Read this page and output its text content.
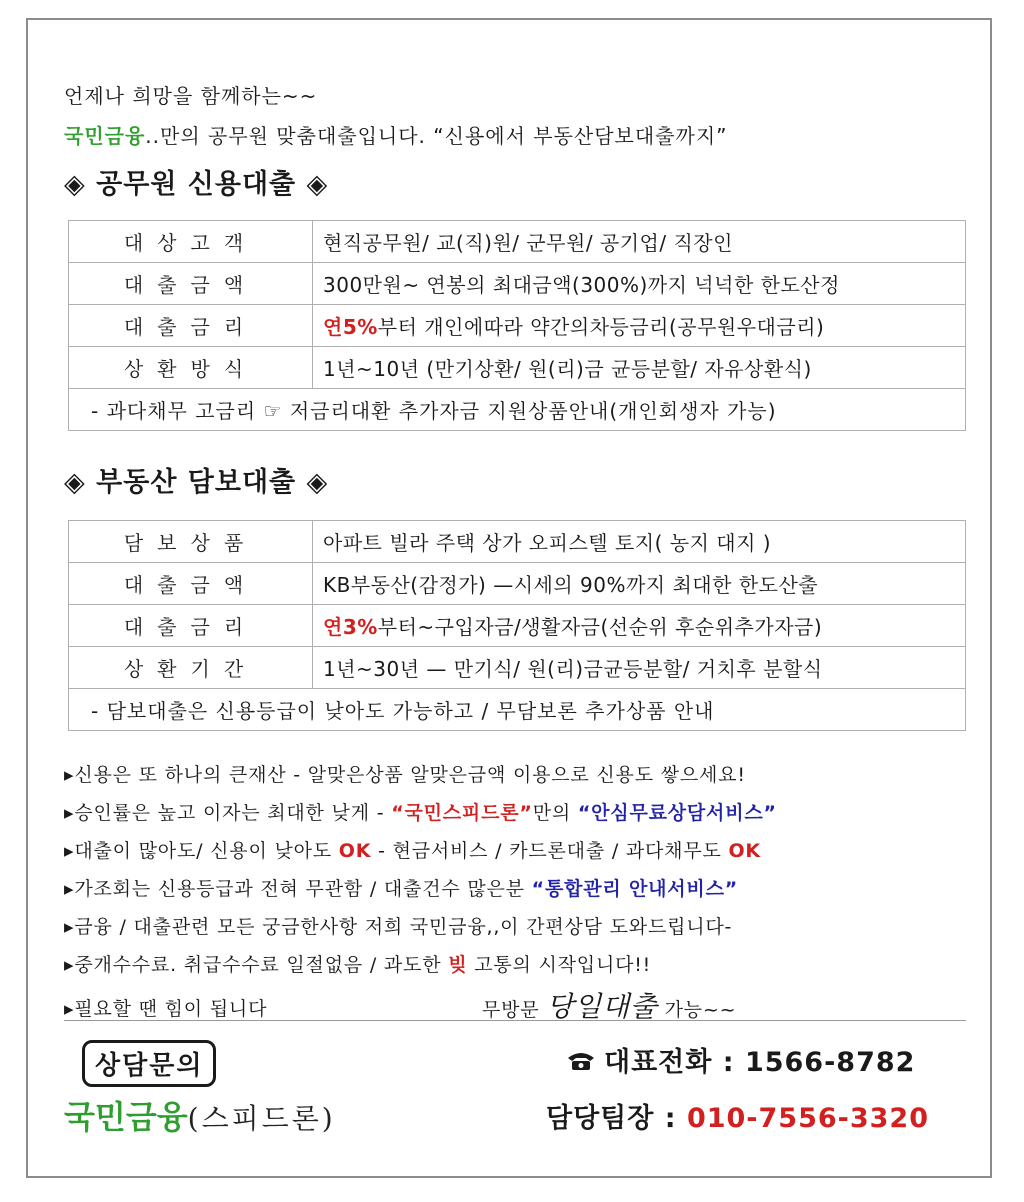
언제나 희망을 함께하는~~
국민금융..만의 공무원 맞춤대출입니다. “신용에서 부동산담보대출까지”
◈ 공무원 신용대출 ◈
대상고객	현직공무원/ 교(직)원/ 군무원/ 공기업/ 직장인
대출금액	300만원~ 연봉의 최대금액(300%)까지 넉넉한 한도산정
대출금리	연5%부터 개인에따라 약간의차등금리(공무원우대금리)
상환방식	1년~10년 (만기상환/ 원(리)금 균등분할/ 자유상환식)
- 과다채무 고금리 ☞ 저금리대환 추가자금 지원상품안내(개인회생자 가능)	
◈ 부동산 담보대출 ◈
담보상품	아파트 빌라 주택 상가 오피스텔 토지( 농지 대지 )
대출금액	KB부동산(감정가) —시세의 90%까지 최대한 한도산출
대출금리	연3%부터~구입자금/생활자금(선순위 후순위추가자금)
상환기간	1년~30년 — 만기식/ 원(리)금균등분할/ 거치후 분할식
- 담보대출은 신용등급이 낮아도 가능하고 / 무담보론 추가상품 안내	
▸신용은 또 하나의 큰재산 - 알맞은상품 알맞은금액 이용으로 신용도 쌓으세요!
▸승인률은 높고 이자는 최대한 낮게 - “국민스피드론”만의 “안심무료상담서비스”
▸대출이 많아도/ 신용이 낮아도 OK - 현금서비스 / 카드론대출 / 과다채무도 OK
▸가조회는 신용등급과 전혀 무관함 / 대출건수 많은분 “통합관리 안내서비스”
▸금융 / 대출관련 모든 궁금한사항 저희 국민금융,,이 간편상담 도와드립니다-
▸중개수수료. 취급수수료 일절없음 / 과도한 빚 고통의 시작입니다!!
▸필요할 땐 힘이 됩니다	무방문 당일대출 가능~~
상담문의
국민금융(스피드론)
대표전화 : 1566-8782
담당팀장 : 010-7556-3320
